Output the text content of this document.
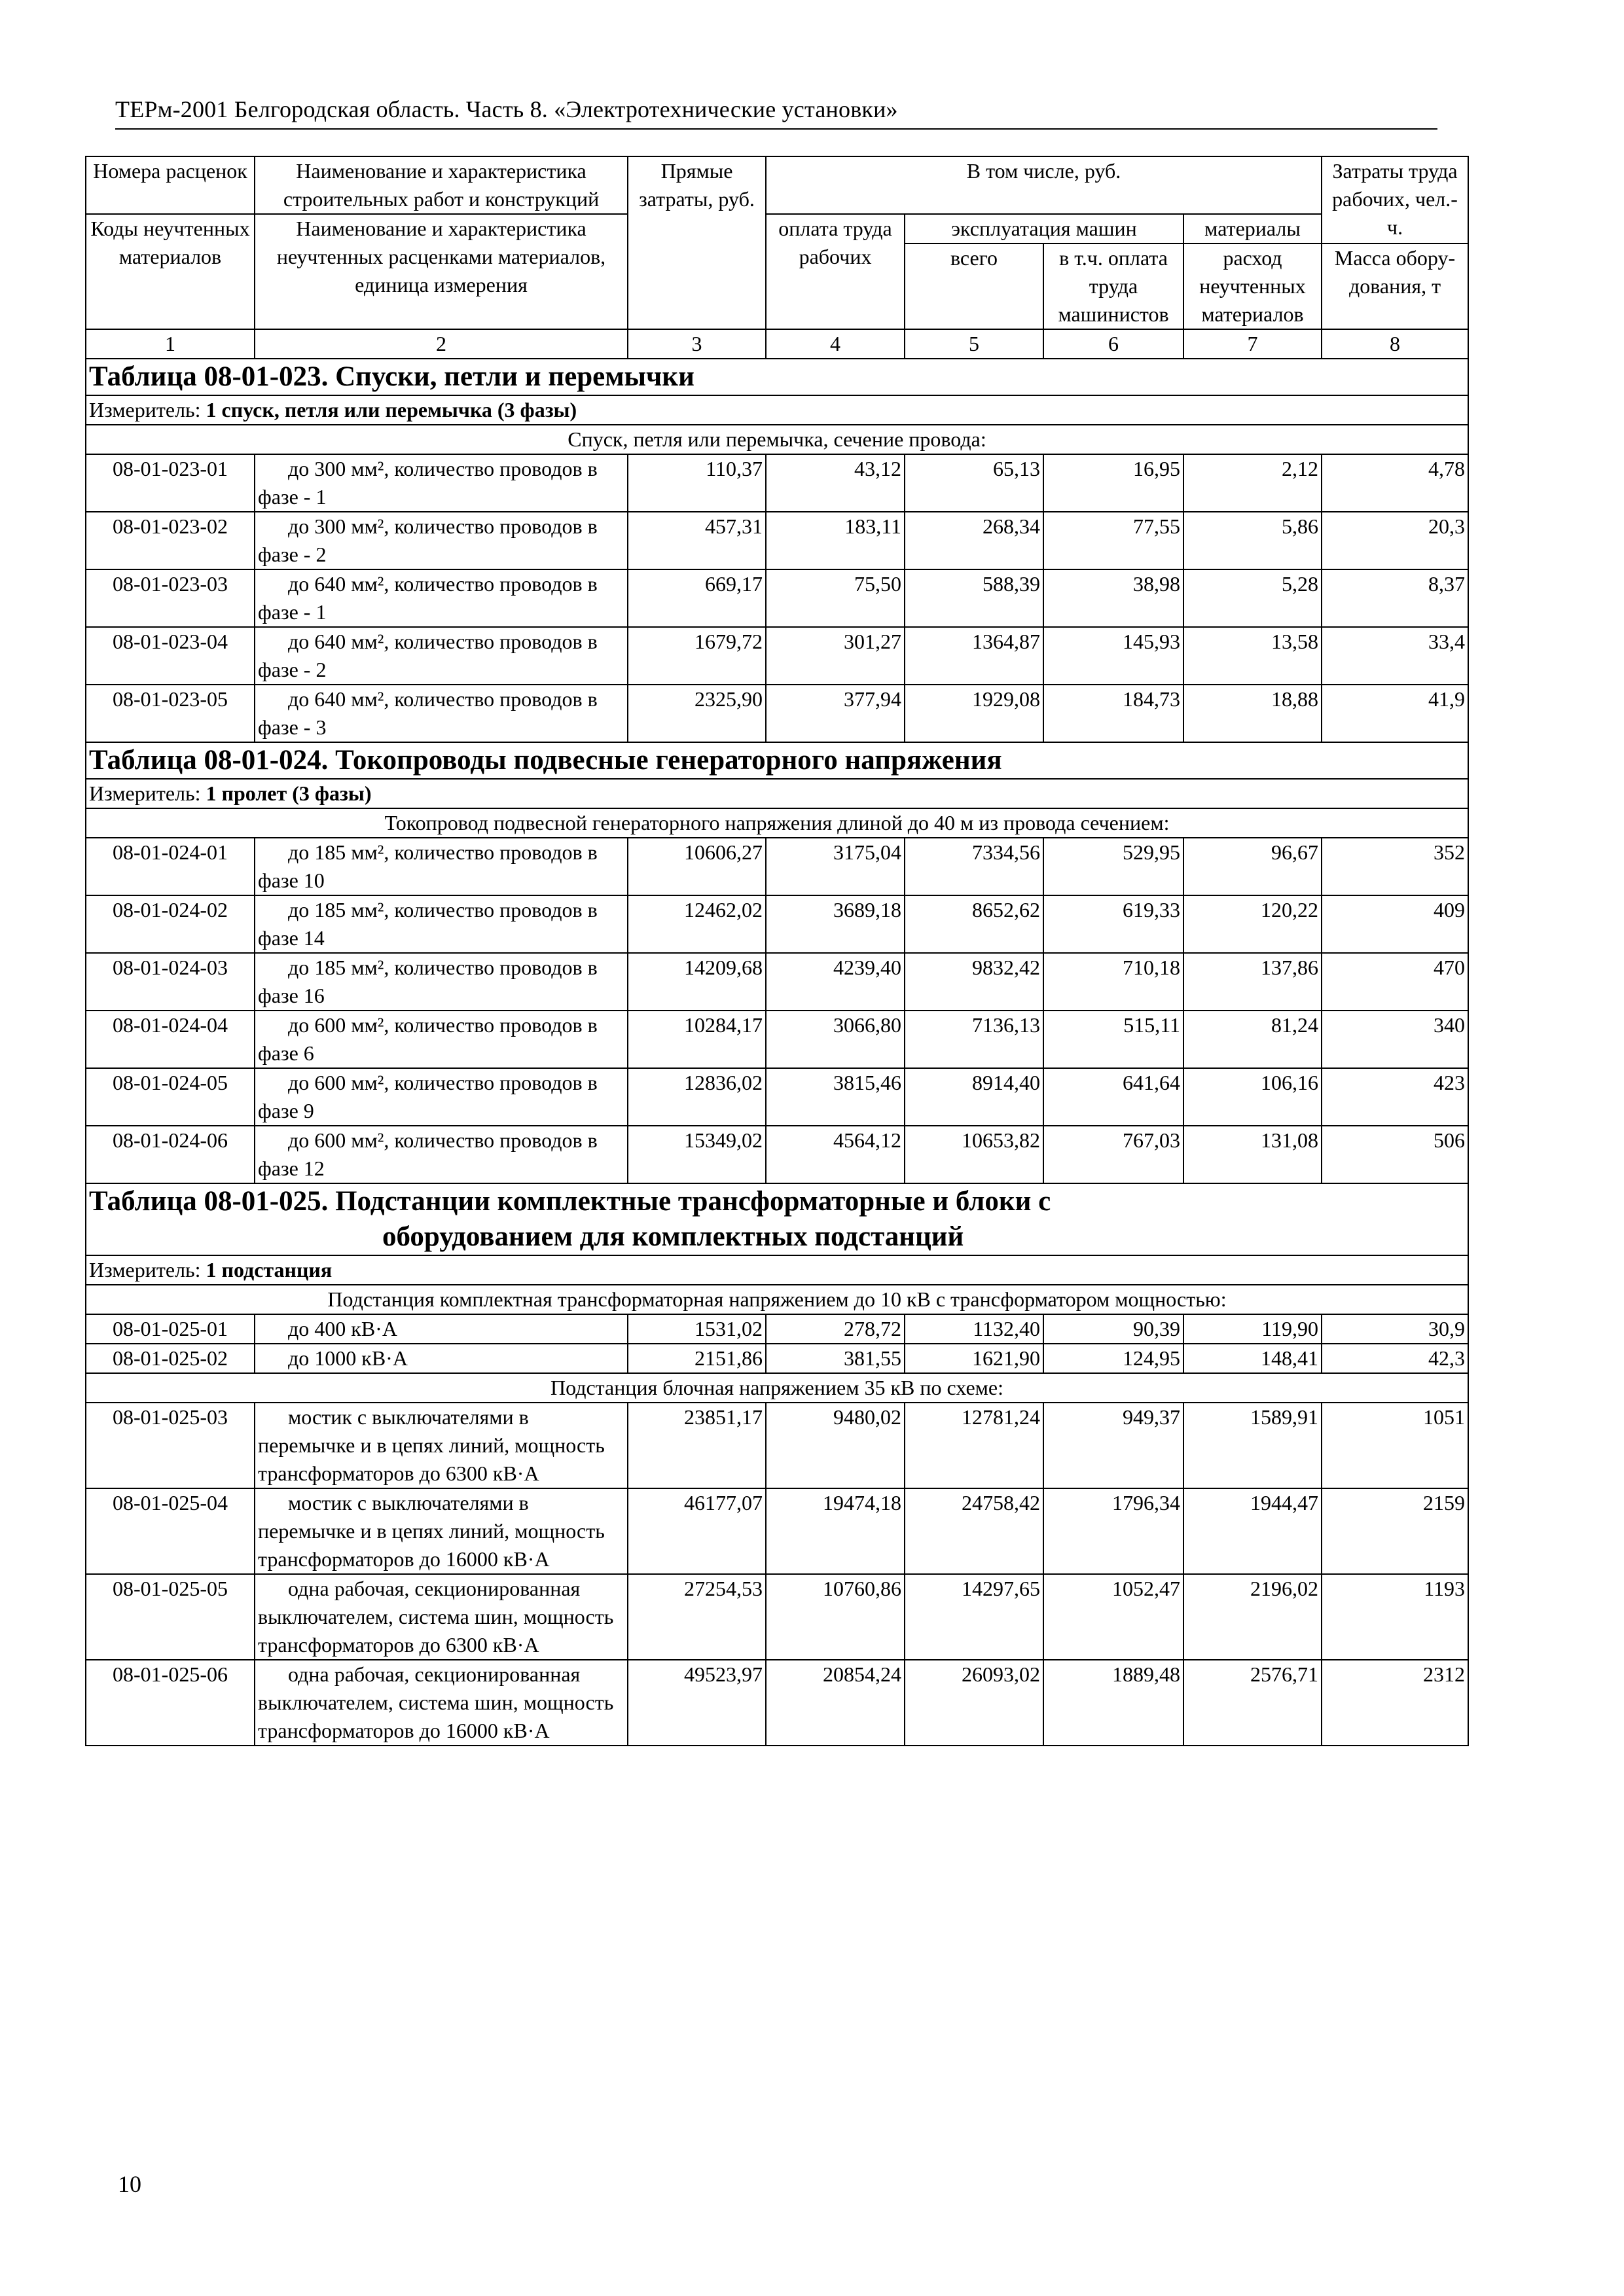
ТЕРм-2001 Белгородская область. Часть 8. «Электротехнические установки»
Номера расценок	Наименование и характеристика строительных работ и конструкций	Прямые затраты, руб.	В том числе, руб.				Затраты труда рабочих, чел.-ч.
Коды неучтенных материалов	Наименование и характеристика неучтенных расценками материалов, единица измерения		оплата труда рабочих	эксплуатация машин		материалы	
				всего	в т.ч. оплата труда машинистов	расход неучтенных материалов	
							Масса обору-дования, т
1	2	3	4	5	6	7	8
Таблица 08-01-023. Спуски, петли и перемычки							
Измеритель: 1 спуск, петля или перемычка (3 фазы)							
Спуск, петля или перемычка, сечение провода:							
08-01-023-01	до 300 мм², количество проводов в фазе - 1	110,37	43,12	65,13	16,95	2,12	4,78
08-01-023-02	до 300 мм², количество проводов в фазе - 2	457,31	183,11	268,34	77,55	5,86	20,3
08-01-023-03	до 640 мм², количество проводов в фазе - 1	669,17	75,50	588,39	38,98	5,28	8,37
08-01-023-04	до 640 мм², количество проводов в фазе - 2	1679,72	301,27	1364,87	145,93	13,58	33,4
08-01-023-05	до 640 мм², количество проводов в фазе - 3	2325,90	377,94	1929,08	184,73	18,88	41,9
Таблица 08-01-024. Токопроводы подвесные генераторного напряжения							
Измеритель: 1 пролет (3 фазы)							
Токопровод подвесной генераторного напряжения длиной до 40 м из провода сечением:							
08-01-024-01	до 185 мм², количество проводов в фазе 10	10606,27	3175,04	7334,56	529,95	96,67	352
08-01-024-02	до 185 мм², количество проводов в фазе 14	12462,02	3689,18	8652,62	619,33	120,22	409
08-01-024-03	до 185 мм², количество проводов в фазе 16	14209,68	4239,40	9832,42	710,18	137,86	470
08-01-024-04	до 600 мм², количество проводов в фазе 6	10284,17	3066,80	7136,13	515,11	81,24	340
08-01-024-05	до 600 мм², количество проводов в фазе 9	12836,02	3815,46	8914,40	641,64	106,16	423
08-01-024-06	до 600 мм², количество проводов в фазе 12	15349,02	4564,12	10653,82	767,03	131,08	506
Таблица 08-01-025. Подстанции комплектные трансформаторные и блоки с
оборудованием для комплектных подстанций							

Измеритель: 1 подстанция							
Подстанция комплектная трансформаторная напряжением до 10 кВ с трансформатором мощностью:							
08-01-025-01	до 400 кВ·А	1531,02	278,72	1132,40	90,39	119,90	30,9
08-01-025-02	до 1000 кВ·А	2151,86	381,55	1621,90	124,95	148,41	42,3
Подстанция блочная напряжением 35 кВ по схеме:							
08-01-025-03	мостик с выключателями в перемычке и в цепях линий, мощность трансформаторов до 6300 кВ·А	23851,17	9480,02	12781,24	949,37	1589,91	1051
08-01-025-04	мостик с выключателями в перемычке и в цепях линий, мощность трансформаторов до 16000 кВ·А	46177,07	19474,18	24758,42	1796,34	1944,47	2159
08-01-025-05	одна рабочая, секционированная выключателем, система шин, мощность трансформаторов до 6300 кВ·А	27254,53	10760,86	14297,65	1052,47	2196,02	1193
08-01-025-06	одна рабочая, секционированная выключателем, система шин, мощность трансформаторов до 16000 кВ·А	49523,97	20854,24	26093,02	1889,48	2576,71	2312
10
